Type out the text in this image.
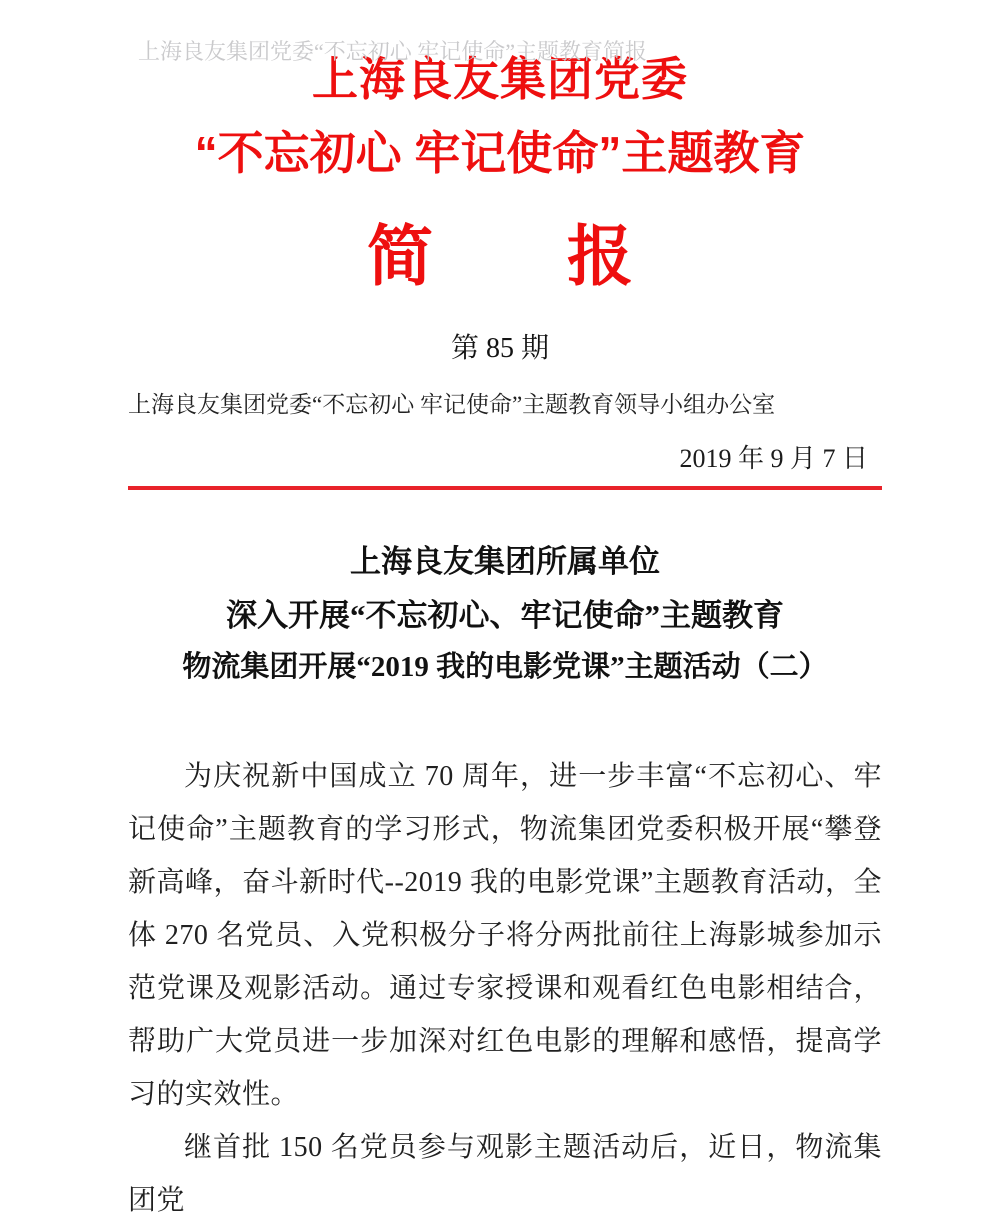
上海良友集团党委“不忘初心 牢记使命”主题教育简报
上海良友集团党委
“不忘初心 牢记使命”主题教育
简　报
第 85 期
上海良友集团党委“不忘初心 牢记使命”主题教育领导小组办公室
2019 年 9 月 7 日
上海良友集团所属单位
深入开展“不忘初心、牢记使命”主题教育
物流集团开展“2019 我的电影党课”主题活动（二）

为庆祝新中国成立 70 周年，进一步丰富“不忘初心、牢记使命”主题教育的学习形式，物流集团党委积极开展“攀登新高峰，奋斗新时代--2019 我的电影党课”主题教育活动，全体 270 名党员、入党积极分子将分两批前往上海影城参加示范党课及观影活动。通过专家授课和观看红色电影相结合，帮助广大党员进一步加深对红色电影的理解和感悟，提高学习的实效性。

继首批 150 名党员参与观影主题活动后，近日，物流集团党
